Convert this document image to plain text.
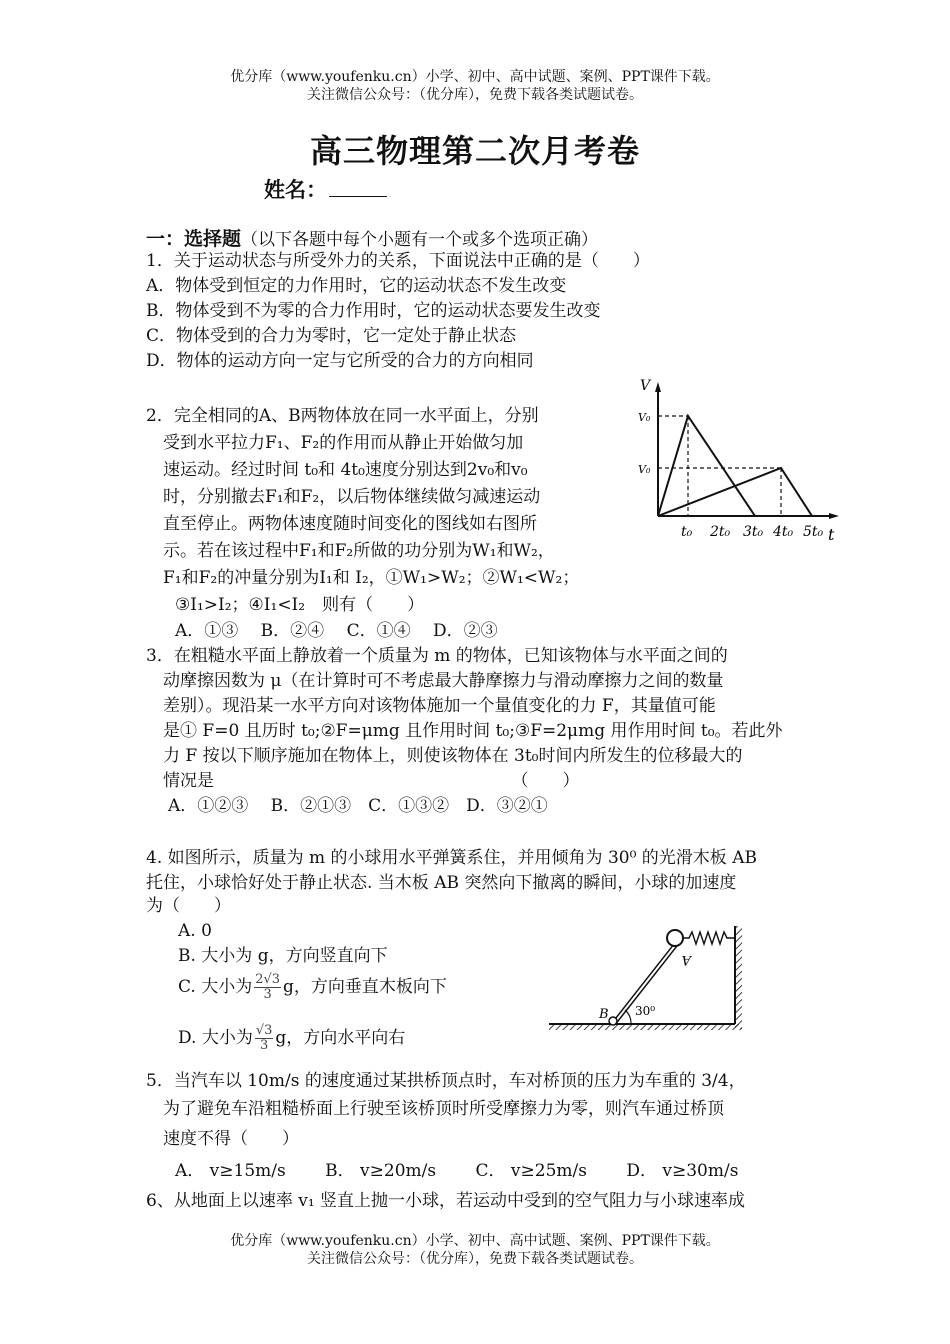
优分库（www.youfenku.cn）小学、初中、高中试题、案例、PPT课件下载。
关注微信公众号：（优分库），免费下载各类试题试卷。
高三物理第二次月考卷
姓名：
一：选择题（以下各题中每个小题有一个或多个选项正确）
1．关于运动状态与所受外力的关系，下面说法中正确的是（　　）
A．物体受到恒定的力作用时，它的运动状态不发生改变
B．物体受到不为零的合力作用时，它的运动状态要发生改变
C．物体受到的合力为零时，它一定处于静止状态
D．物体的运动方向一定与它所受的合力的方向相同
2．完全相同的A、B两物体放在同一水平面上，分别
受到水平拉力F₁、F₂的作用而从静止开始做匀加
速运动。经过时间 t₀和 4t₀速度分别达到2v₀和v₀
时，分别撤去F₁和F₂，以后物体继续做匀减速运动
直至停止。两物体速度随时间变化的图线如右图所
示。若在该过程中F₁和F₂所做的功分别为W₁和W₂，
F₁和F₂的冲量分别为I₁和 I₂，①W₁>W₂；②W₁<W₂；
③I₁>I₂；④I₁<I₂　则有（　　）
A．①③　 B．②④　 C．①④　 D．②③
V
t
V₀
V₀
t₀ 2t₀ 3t₀ 4t₀ 5t₀
3．在粗糙水平面上静放着一个质量为 m 的物体，已知该物体与水平面之间的
动摩擦因数为 μ（在计算时可不考虑最大静摩擦力与滑动摩擦力之间的数量
差别）。现沿某一水平方向对该物体施加一个量值变化的力 F，其量值可能
是① F=0 且历时 t₀;②F=μmg 且作用时间 t₀;③F=2μmg 用作用时间 t₀。若此外
力 F 按以下顺序施加在物体上，则使该物体在 3t₀时间内所发生的位移最大的
情况是　　　　　　　　　　　　　　　　　　（　　）
A．①②③　 B．②①③　C．①③②　D．③②①
4. 如图所示，质量为 m 的小球用水平弹簧系住，并用倾角为 30⁰ 的光滑木板 AB
托住，小球恰好处于静止状态. 当木板 AB 突然向下撤离的瞬间，小球的加速度
为（　　）
A. 0
B. 大小为 g，方向竖直向下
C. 大小为 $\frac{2√3}{3}$ g，方向垂直木板向下
D. 大小为 $\frac{√3}{3}$ g，方向水平向右
A
B 30⁰
5．当汽车以 10m/s 的速度通过某拱桥顶点时，车对桥顶的压力为车重的 3/4，
为了避免车沿粗糙桥面上行驶至该桥顶时所受摩擦力为零，则汽车通过桥顶
速度不得（　　）
A． v≥15m/s　　 B． v≥20m/s　　 C． v≥25m/s　　 D． v≥30m/s
6、从地面上以速率 v₁ 竖直上抛一小球，若运动中受到的空气阻力与小球速率成
优分库（www.youfenku.cn）小学、初中、高中试题、案例、PPT课件下载。
关注微信公众号：（优分库），免费下载各类试题试卷。
